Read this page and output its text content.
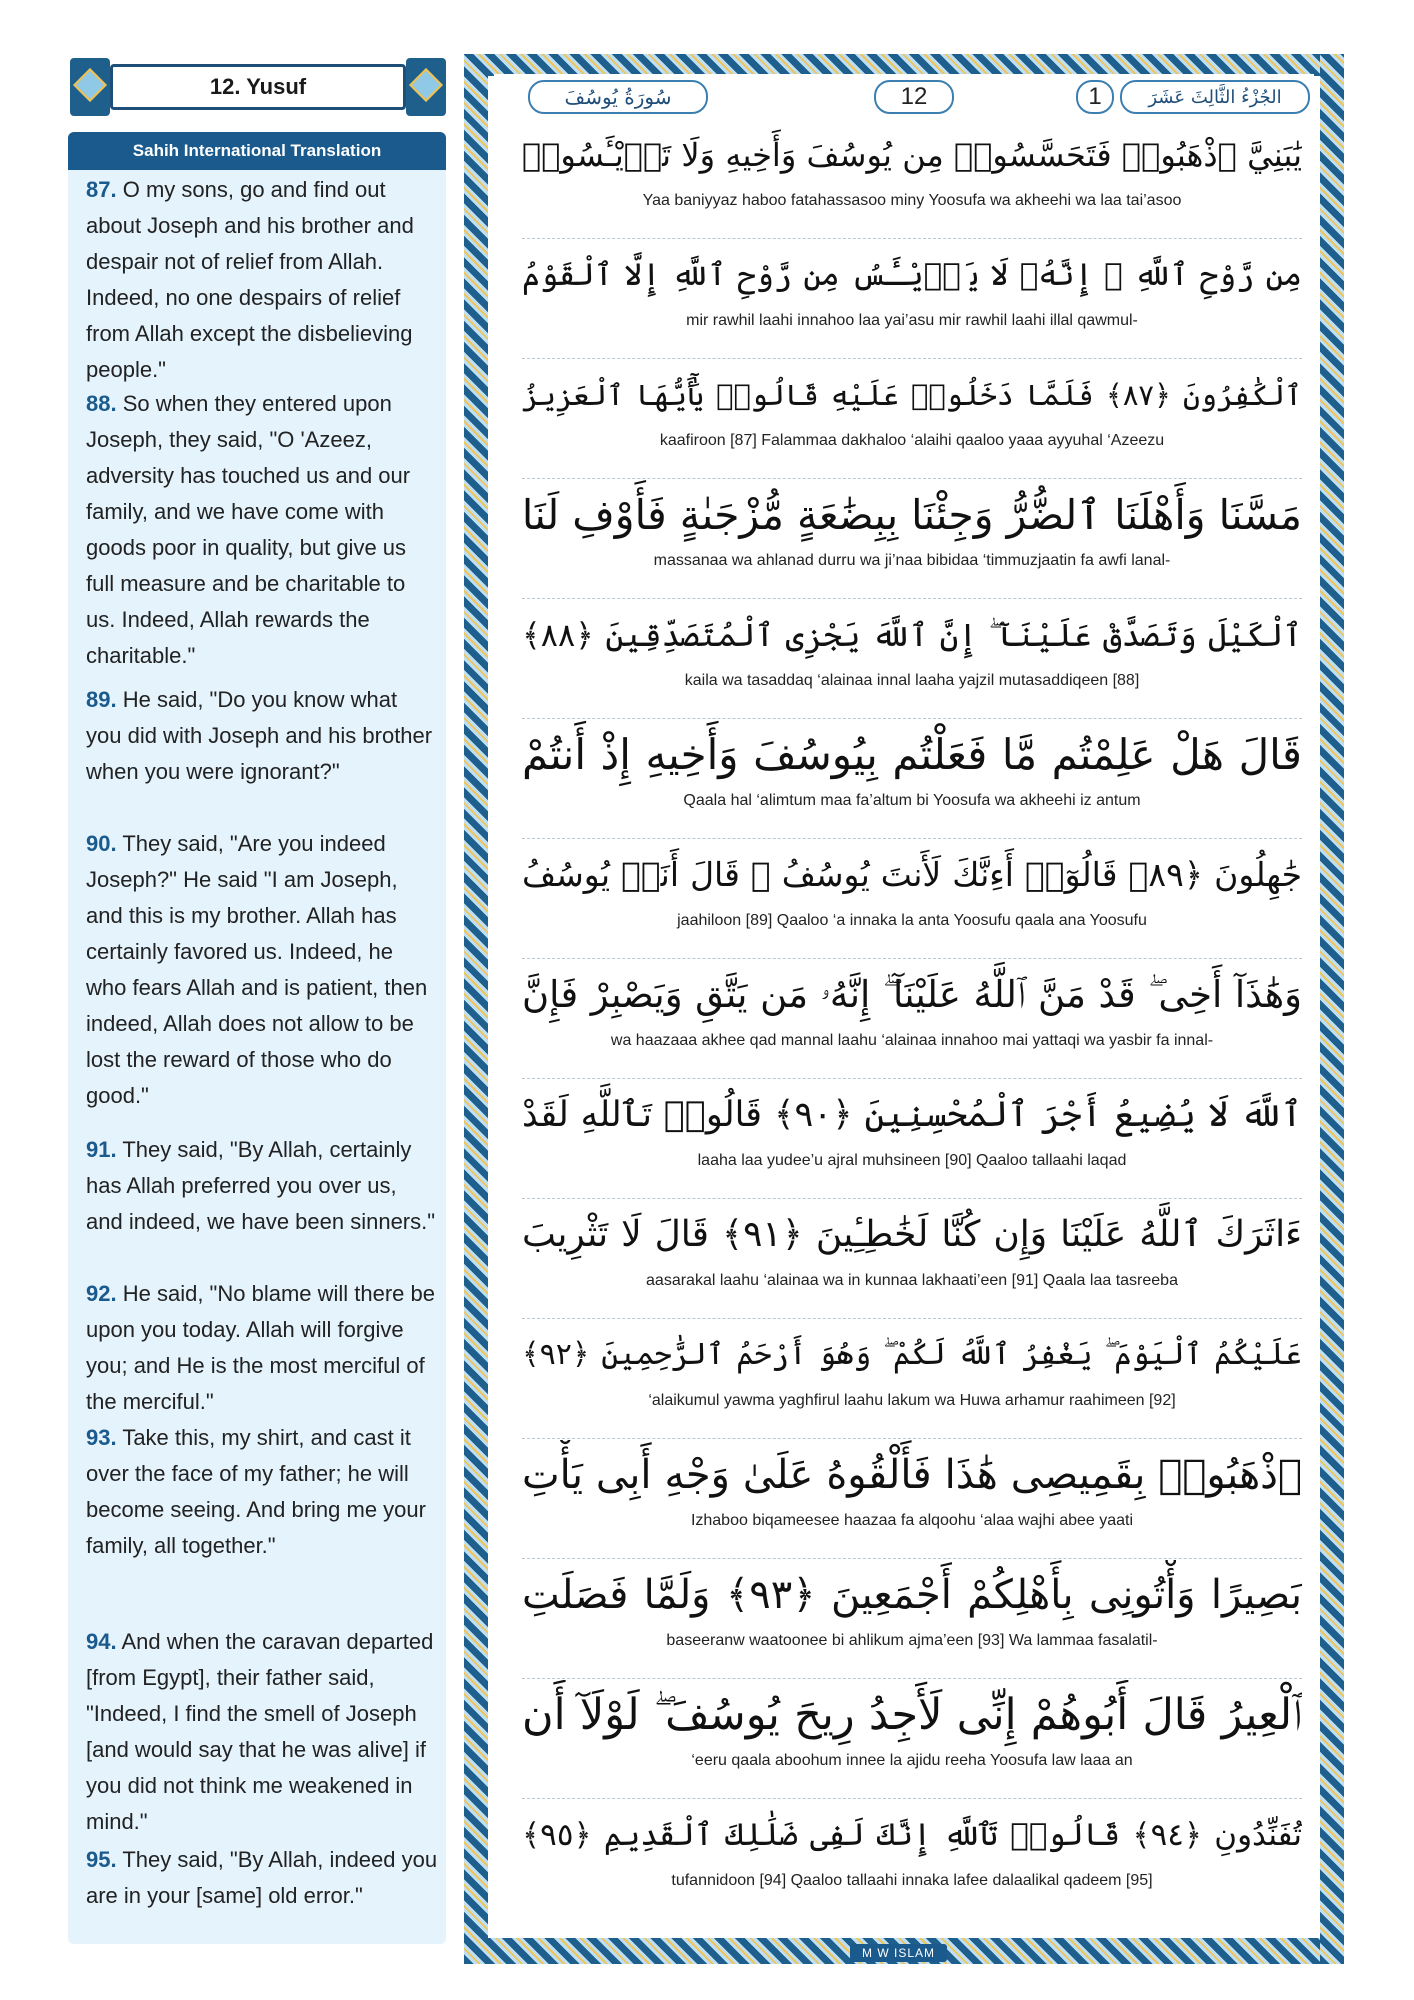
12. Yusuf
Sahih International Translation

87. O my sons, go and find out about Joseph and his brother and despair not of relief from Allah. Indeed, no one despairs of relief from Allah except the disbelieving people."

88. So when they entered upon Joseph, they said, "O 'Azeez, adversity has touched us and our family, and we have come with goods poor in quality, but give us full measure and be charitable to us. Indeed, Allah rewards the charitable."

89. He said, "Do you know what you did with Joseph and his brother when you were ignorant?"

90. They said, "Are you indeed Joseph?" He said "I am Joseph, and this is my brother. Allah has certainly favored us. Indeed, he who fears Allah and is patient, then indeed, Allah does not allow to be lost the reward of those who do good."

91. They said, "By Allah, certainly has Allah preferred you over us, and indeed, we have been sinners."

92. He said, "No blame will there be upon you today. Allah will forgive you; and He is the most merciful of the merciful."

93. Take this, my shirt, and cast it over the face of my father; he will become seeing. And bring me your family, all together."

94. And when the caravan departed [from Egypt], their father said, "Indeed, I find the smell of Joseph [and would say that he was alive] if you did not think me weakened in mind."

95. They said, "By Allah, indeed you are in your [same] old error."

سُورَةُ يُوسُفَ	12	1	الجُزْءُ الثَّالِثَ عَشَرَ
يَٰبَنِيَّ ٱذْهَبُوا۟ فَتَحَسَّسُوا۟ مِن يُوسُفَ وَأَخِيهِ وَلَا تَا۟يْـَٔسُوا۟
Yaa baniyyaz haboo fatahassasoo miny Yoosufa wa akheehi wa laa tai’asoo
مِن رَّوْحِ ٱللَّهِ ۖ إِنَّهُۥ لَا يَا۟يْـَٔسُ مِن رَّوْحِ ٱللَّهِ إِلَّا ٱلْقَوْمُ
mir rawhil laahi innahoo laa yai’asu mir rawhil laahi illal qawmul-
ٱلْكَٰفِرُونَ ﴿٨٧﴾ فَلَمَّا دَخَلُوا۟ عَلَيْهِ قَالُوا۟ يَٰٓأَيُّهَا ٱلْعَزِيزُ
kaafiroon [87] Falammaa dakhaloo ‘alaihi qaaloo yaaa ayyuhal ‘Azeezu
مَسَّنَا وَأَهْلَنَا ٱلضُّرُّ وَجِئْنَا بِبِضَٰعَةٍ مُّزْجَىٰةٍ فَأَوْفِ لَنَا
massanaa wa ahlanad durru wa ji’naa bibidaa ‘timmuzjaatin fa awfi lanal-
ٱلْكَيْلَ وَتَصَدَّقْ عَلَيْنَآ ۖ إِنَّ ٱللَّهَ يَجْزِى ٱلْمُتَصَدِّقِينَ ﴿٨٨﴾
kaila wa tasaddaq ‘alainaa innal laaha yajzil mutasaddiqeen [88]
قَالَ هَلْ عَلِمْتُم مَّا فَعَلْتُم بِيُوسُفَ وَأَخِيهِ إِذْ أَنتُمْ
Qaala hal ‘alimtum maa fa’altum bi Yoosufa wa akheehi iz antum
جَٰهِلُونَ ﴿٨٩﴾ قَالُوٓا۟ أَءِنَّكَ لَأَنتَ يُوسُفُ ۖ قَالَ أَنَا۠ يُوسُفُ
jaahiloon [89] Qaaloo ‘a innaka la anta Yoosufu qaala ana Yoosufu
وَهَٰذَآ أَخِى ۖ قَدْ مَنَّ ٱللَّهُ عَلَيْنَآ ۖ إِنَّهُۥ مَن يَتَّقِ وَيَصْبِرْ فَإِنَّ
wa haazaaa akhee qad mannal laahu ‘alainaa innahoo mai yattaqi wa yasbir fa innal-
ٱللَّهَ لَا يُضِيعُ أَجْرَ ٱلْمُحْسِنِينَ ﴿٩٠﴾ قَالُوا۟ تَٱللَّهِ لَقَدْ
laaha laa yudee’u ajral muhsineen [90] Qaaloo tallaahi laqad
ءَاثَرَكَ ٱللَّهُ عَلَيْنَا وَإِن كُنَّا لَخَٰطِـِٔينَ ﴿٩١﴾ قَالَ لَا تَثْرِيبَ
aasarakal laahu ‘alainaa wa in kunnaa lakhaati’een [91] Qaala laa tasreeba
عَلَيْكُمُ ٱلْيَوْمَ ۖ يَغْفِرُ ٱللَّهُ لَكُمْ ۖ وَهُوَ أَرْحَمُ ٱلرَّٰحِمِينَ ﴿٩٢﴾
‘alaikumul yawma yaghfirul laahu lakum wa Huwa arhamur raahimeen [92]
ٱذْهَبُوا۟ بِقَمِيصِى هَٰذَا فَأَلْقُوهُ عَلَىٰ وَجْهِ أَبِى يَأْتِ
Izhaboo biqameesee haazaa fa alqoohu ‘alaa wajhi abee yaati
بَصِيرًا وَأْتُونِى بِأَهْلِكُمْ أَجْمَعِينَ ﴿٩٣﴾ وَلَمَّا فَصَلَتِ
baseeranw waatoonee bi ahlikum ajma’een [93] Wa lammaa fasalatil-
ٱلْعِيرُ قَالَ أَبُوهُمْ إِنِّى لَأَجِدُ رِيحَ يُوسُفَ ۖ لَوْلَآ أَن
‘eeru qaala aboohum innee la ajidu reeha Yoosufa law laaa an
تُفَنِّدُونِ ﴿٩٤﴾ قَالُوا۟ تَٱللَّهِ إِنَّكَ لَفِى ضَلَٰلِكَ ٱلْقَدِيمِ ﴿٩٥﴾
tufannidoon [94] Qaaloo tallaahi innaka lafee dalaalikal qadeem [95]
M W ISLAM
